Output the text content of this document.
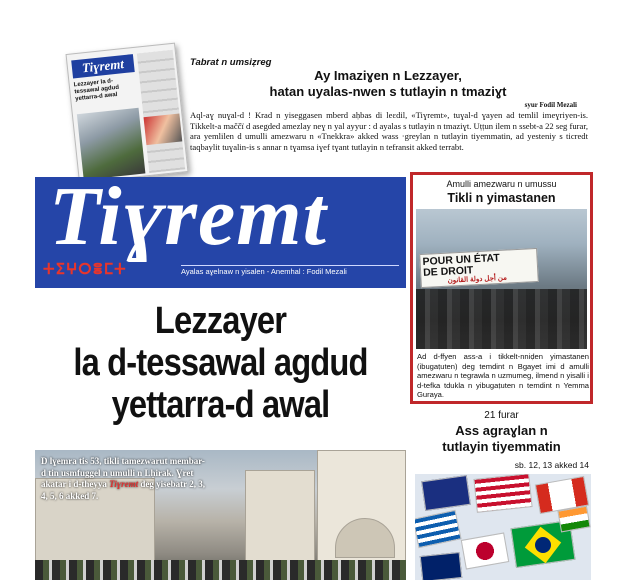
Tiɣremt
Lezzayer la d-tessawal agdud yettarra-d awal
Tabrat n umsiẓreg
Ay Imaziɣen n Lezzayer,
hatan uyalas-nwen s tutlayin n tmaziɣt
syur Fodil Mezali
Aql-aɣ nuɣal-d ! Krad n yiseggasen mberd aḥbas di leɛdil, «Tiɣremt», tuɣal-d ɣayen ad temlil imeɣriyen-is. Tikkelt-a maččï d asegded amezlay neɣ n yal ayyur : d ayalas s tutlayin n tmaziɣt. Uṭṭun ilem n ssebt-a 22 seg furar, ara yemlilen d umulli amezwaru n «Tnekkra» akked wass ·greylan n tutlayin tiyemmatin, ad yesteniy s ticredt taqbaylit tuɣalin-is s annar n tɣamsa iɣef tɣant tutlayin n tefransit akked terrabt.
Tiɣremt
ⵜⵉⵖⵔⴻⵎⵜ	Ayalas aɣelnaw n yisalen - Anemhal : Fodil Mezali
Lezzayer
la d-tessawal agdud
yettarra-d awal
Amulli amezwaru n umussu
Tikli n yimastanen
POUR UN ÉTAT
DE DROIT
من أجل دولة القانون
Ad d-ffyen ass-a i tikkelt-nniḍen yimastanen (ibugaṭuten) deg temdint n Bgayet imi d amulli amezwaru n tegrawla n uzmumeg, ilmend n yisalli i d-tefka tdukla n yibugaṭuten n temdint n Yemma Guraya.
21 furar
Ass agraɣlan n
tutlayin tiyemmatin
sb. 12, 13 akked 14
D lɣemra tis 53, tikli tamezwarut membar-d tin usmfuggel n umulli n Lḥirak. Ɣret akatar i d-theyya Tiɣremt deg yisebatr 2, 3, 4, 5, 6 akked 7.
